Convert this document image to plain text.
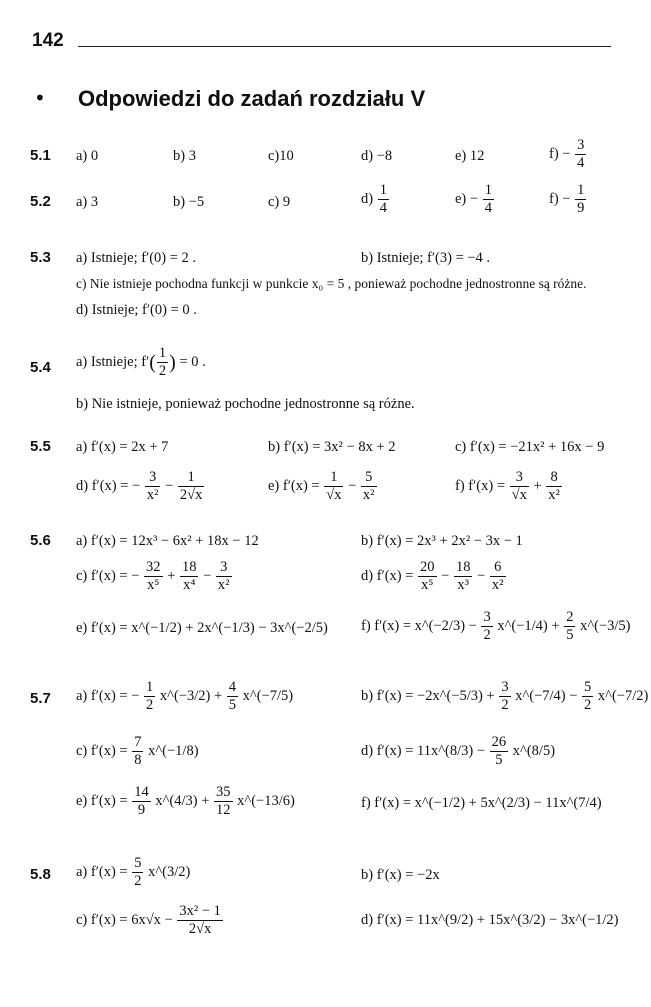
142
• Odpowiedzi do zadań rozdziału V
5.1 a) 0	b) 3	c)10	d) −8	e) 12	$f) - \frac{3}{4}$
5.2 a) 3	b) −5	c) 9	$d) \frac{1}{4}$	$e) - \frac{1}{4}$	$f) - \frac{1}{9}$
5.3 a) Istnieje; f′(0) = 2 .	b) Istnieje; f′(3) = −4 .
c) Nie istnieje pochodna funkcji w punkcie x₀ = 5 , ponieważ pochodne jednostronne są różne.
d) Istnieje; f′(0) = 0 .
5.4 a) Istnieje; $f'( \frac{1}{2}$ ) = 0 .
b) Nie istnieje, ponieważ pochodne jednostronne są różne.
5.5 a) f′(x) = 2x + 7	b) f′(x) = 3x² − 8x + 2	c) f′(x) = −21x² + 16x − 9
d) f′(x) = − $\frac{3}{\text{x²}} - \frac{1}{2√x}$	e) $f'(x) = \frac{1}{√x} - \frac{5}{\text{x²}}$	f) $f'(x) = \frac{3}{√x} + \frac{8}{\text{x²}}$
5.6 a) f′(x) = 12x³ − 6x² + 18x − 12	b) f′(x) = 2x³ + 2x² − 3x − 1
c) f′(x) = − $\frac{32}{\text{x⁵}} + \frac{18}{\text{x⁴}} - \frac{3}{\text{x²}}$	d) $f'(x) = \frac{20}{\text{x⁵}} - \frac{18}{\text{x³}} - \frac{6}{\text{x²}}$
e) f′(x) = x^(−1/2) + 2x^(−1/3) − 3x^(−2/5) f) f′(x) = x^(−2/3) − $\frac{3}{2}$ x^(−1/4) + $\frac{2}{5}$ x^(−3/5)
5.7 a) f′(x) = − $\frac{1}{2}$ x^(−3/2) + $\frac{4}{5}$ x^(−7/5)	b) f′(x) = −2x^(−5/3) + $\frac{3}{2}$ x^(−7/4) − $\frac{5}{2}$ x^(−7/2)
c) $f'(x) = \frac{7}{8}$ x^(−1/8)	d) f′(x) = 11x^(8/3) − $\frac{26}{5}$ x^(8/5)
e) $f'(x) = \frac{14}{9}$ x^(4/3) + $\frac{35}{12}$ x^(−13/6)	f) f′(x) = x^(−1/2) + 5x^(2/3) − 11x^(7/4)
5.8 a) $f'(x) = \frac{5}{2}$ x^(3/2)	b) f′(x) = −2x
c) $f'(x) = 6x√x - \frac{\text{3x² − 1}}{2√x}$	d) f′(x) = 11x^(9/2) + 15x^(3/2) − 3x^(−1/2)
